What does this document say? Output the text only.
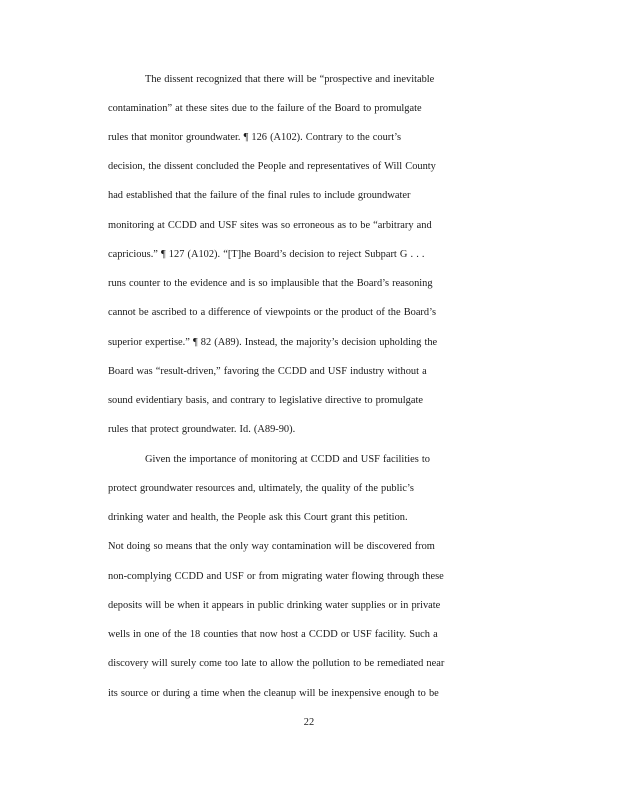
The dissent recognized that there will be “prospective and inevitable
contamination” at these sites due to the failure of the Board to promulgate
rules that monitor groundwater. ¶ 126 (A102). Contrary to the court’s
decision, the dissent concluded the People and representatives of Will County
had established that the failure of the final rules to include groundwater
monitoring at CCDD and USF sites was so erroneous as to be “arbitrary and
capricious.” ¶ 127 (A102). “[T]he Board’s decision to reject Subpart G . . .
runs counter to the evidence and is so implausible that the Board’s reasoning
cannot be ascribed to a difference of viewpoints or the product of the Board’s
superior expertise.” ¶ 82 (A89). Instead, the majority’s decision upholding the
Board was “result-driven,” favoring the CCDD and USF industry without a
sound evidentiary basis, and contrary to legislative directive to promulgate
rules that protect groundwater. Id. (A89-90).
Given the importance of monitoring at CCDD and USF facilities to
protect groundwater resources and, ultimately, the quality of the public’s
drinking water and health, the People ask this Court grant this petition.
Not doing so means that the only way contamination will be discovered from
non-complying CCDD and USF or from migrating water flowing through these
deposits will be when it appears in public drinking water supplies or in private
wells in one of the 18 counties that now host a CCDD or USF facility. Such a
discovery will surely come too late to allow the pollution to be remediated near
its source or during a time when the cleanup will be inexpensive enough to be
22
